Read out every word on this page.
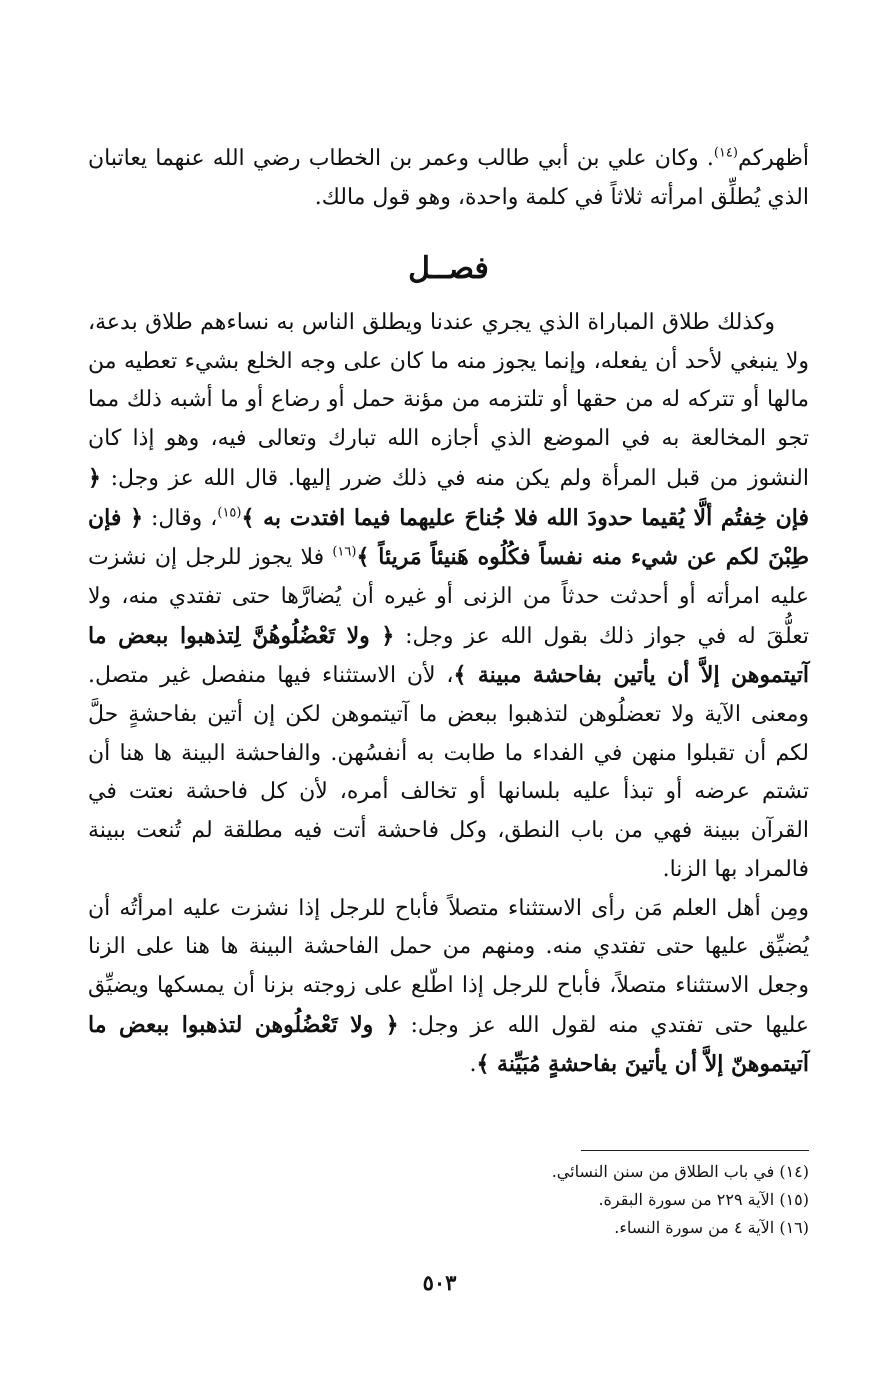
أظهركم$^{(١٤)}$. وكان علي بن أبي طالب وعمر بن الخطاب رضي الله عنهما يعاتبان الذي يُطلِّق امرأته ثلاثاً في كلمة واحدة، وهو قول مالك.

فصــل

وكذلك طلاق المباراة الذي يجري عندنا ويطلق الناس به نساءهم طلاق بدعة، ولا ينبغي لأحد أن يفعله، وإنما يجوز منه ما كان على وجه الخلع بشيء تعطيه من مالها أو تتركه له من حقها أو تلتزمه من مؤنة حمل أو رضاع أو ما أشبه ذلك مما تجو المخالعة به في الموضع الذي أجازه الله تبارك وتعالى فيه، وهو إذا كان النشوز من قبل المرأة ولم يكن منه في ذلك ضرر إليها. قال الله عز وجل: ﴿ فإن خِفتُم ألَّا يُقيما حدودَ الله فلا جُناحَ عليهما فيما افتدت به ﴾$^{(١٥)}$، وقال: ﴿ فإن طِبْنَ لكم عن شيء منه نفساً فكُلُوه هَنيئاً مَريئاً ﴾$^{(١٦)}$ فلا يجوز للرجل إن نشزت عليه امرأته أو أحدثت حدثاً من الزنى أو غيره أن يُضارَّها حتى تفتدي منه، ولا تعلُّقَ له في جواز ذلك بقول الله عز وجل: ﴿ ولا تَعْضُلُوهُنَّ لِتذهبوا ببعض ما آتيتموهن إلاَّ أن يأتين بفاحشة مبينة ﴾، لأن الاستثناء فيها منفصل غير متصل. ومعنى الآية ولا تعضلُوهن لتذهبوا ببعض ما آتيتموهن لكن إن أتين بفاحشةٍ حلَّ لكم أن تقبلوا منهن في الفداء ما طابت به أنفسُهن. والفاحشة البينة ها هنا أن تشتم عرضه أو تبذأ عليه بلسانها أو تخالف أمره، لأن كل فاحشة نعتت في القرآن ببينة فهي من باب النطق، وكل فاحشة أتت فيه مطلقة لم تُنعت ببينة فالمراد بها الزنا.

ومِن أهل العلم مَن رأى الاستثناء متصلاً فأباح للرجل إذا نشزت عليه امرأتُه أن يُضيِّق عليها حتى تفتدي منه. ومنهم من حمل الفاحشة البينة ها هنا على الزنا وجعل الاستثناء متصلاً، فأباح للرجل إذا اطّلع على زوجته بزنا أن يمسكها ويضيِّق عليها حتى تفتدي منه لقول الله عز وجل: ﴿ ولا تَعْضُلُوهن لتذهبوا ببعض ما آتيتموهنّ إلاَّ أن يأتينَ بفاحشةٍ مُبَيِّنة ﴾.

(١٤) في باب الطلاق من سنن النسائي.
(١٥) الآية ٢٢٩ من سورة البقرة.
(١٦) الآية ٤ من سورة النساء.
٥٠٣
